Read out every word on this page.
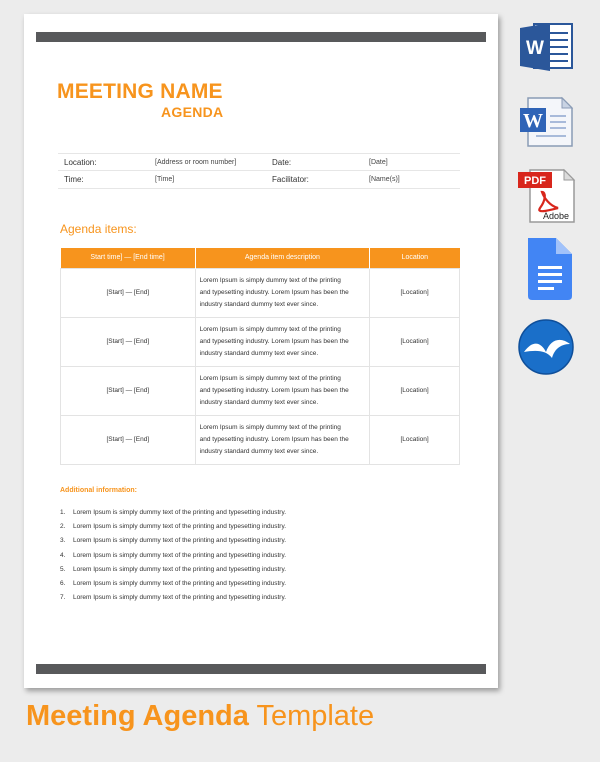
MEETING NAME
AGENDA
Location:	[Address or room number]	Date:	[Date]
Time:	[Time]	Facilitator:	[Name(s)]
Agenda items:
Start time] — [End time]	Agenda item description	Location
[Start] — [End]	Lorem Ipsum is simply dummy text of the printing
and typesetting industry. Lorem Ipsum has been the
industry standard dummy text ever since.	[Location]
[Start] — [End]	Lorem Ipsum is simply dummy text of the printing
and typesetting industry. Lorem Ipsum has been the
industry standard dummy text ever since.	[Location]
[Start] — [End]	Lorem Ipsum is simply dummy text of the printing
and typesetting industry. Lorem Ipsum has been the
industry standard dummy text ever since.	[Location]
[Start] — [End]	Lorem Ipsum is simply dummy text of the printing
and typesetting industry. Lorem Ipsum has been the
industry standard dummy text ever since.	[Location]
Additional information:
1.	Lorem Ipsum is simply dummy text of the printing and typesetting industry.
2.	Lorem Ipsum is simply dummy text of the printing and typesetting industry.
3.	Lorem Ipsum is simply dummy text of the printing and typesetting industry.
4.	Lorem Ipsum is simply dummy text of the printing and typesetting industry.
5.	Lorem Ipsum is simply dummy text of the printing and typesetting industry.
6.	Lorem Ipsum is simply dummy text of the printing and typesetting industry.
7.	Lorem Ipsum is simply dummy text of the printing and typesetting industry.
W
W
PDF
Adobe
Meeting Agenda Template
